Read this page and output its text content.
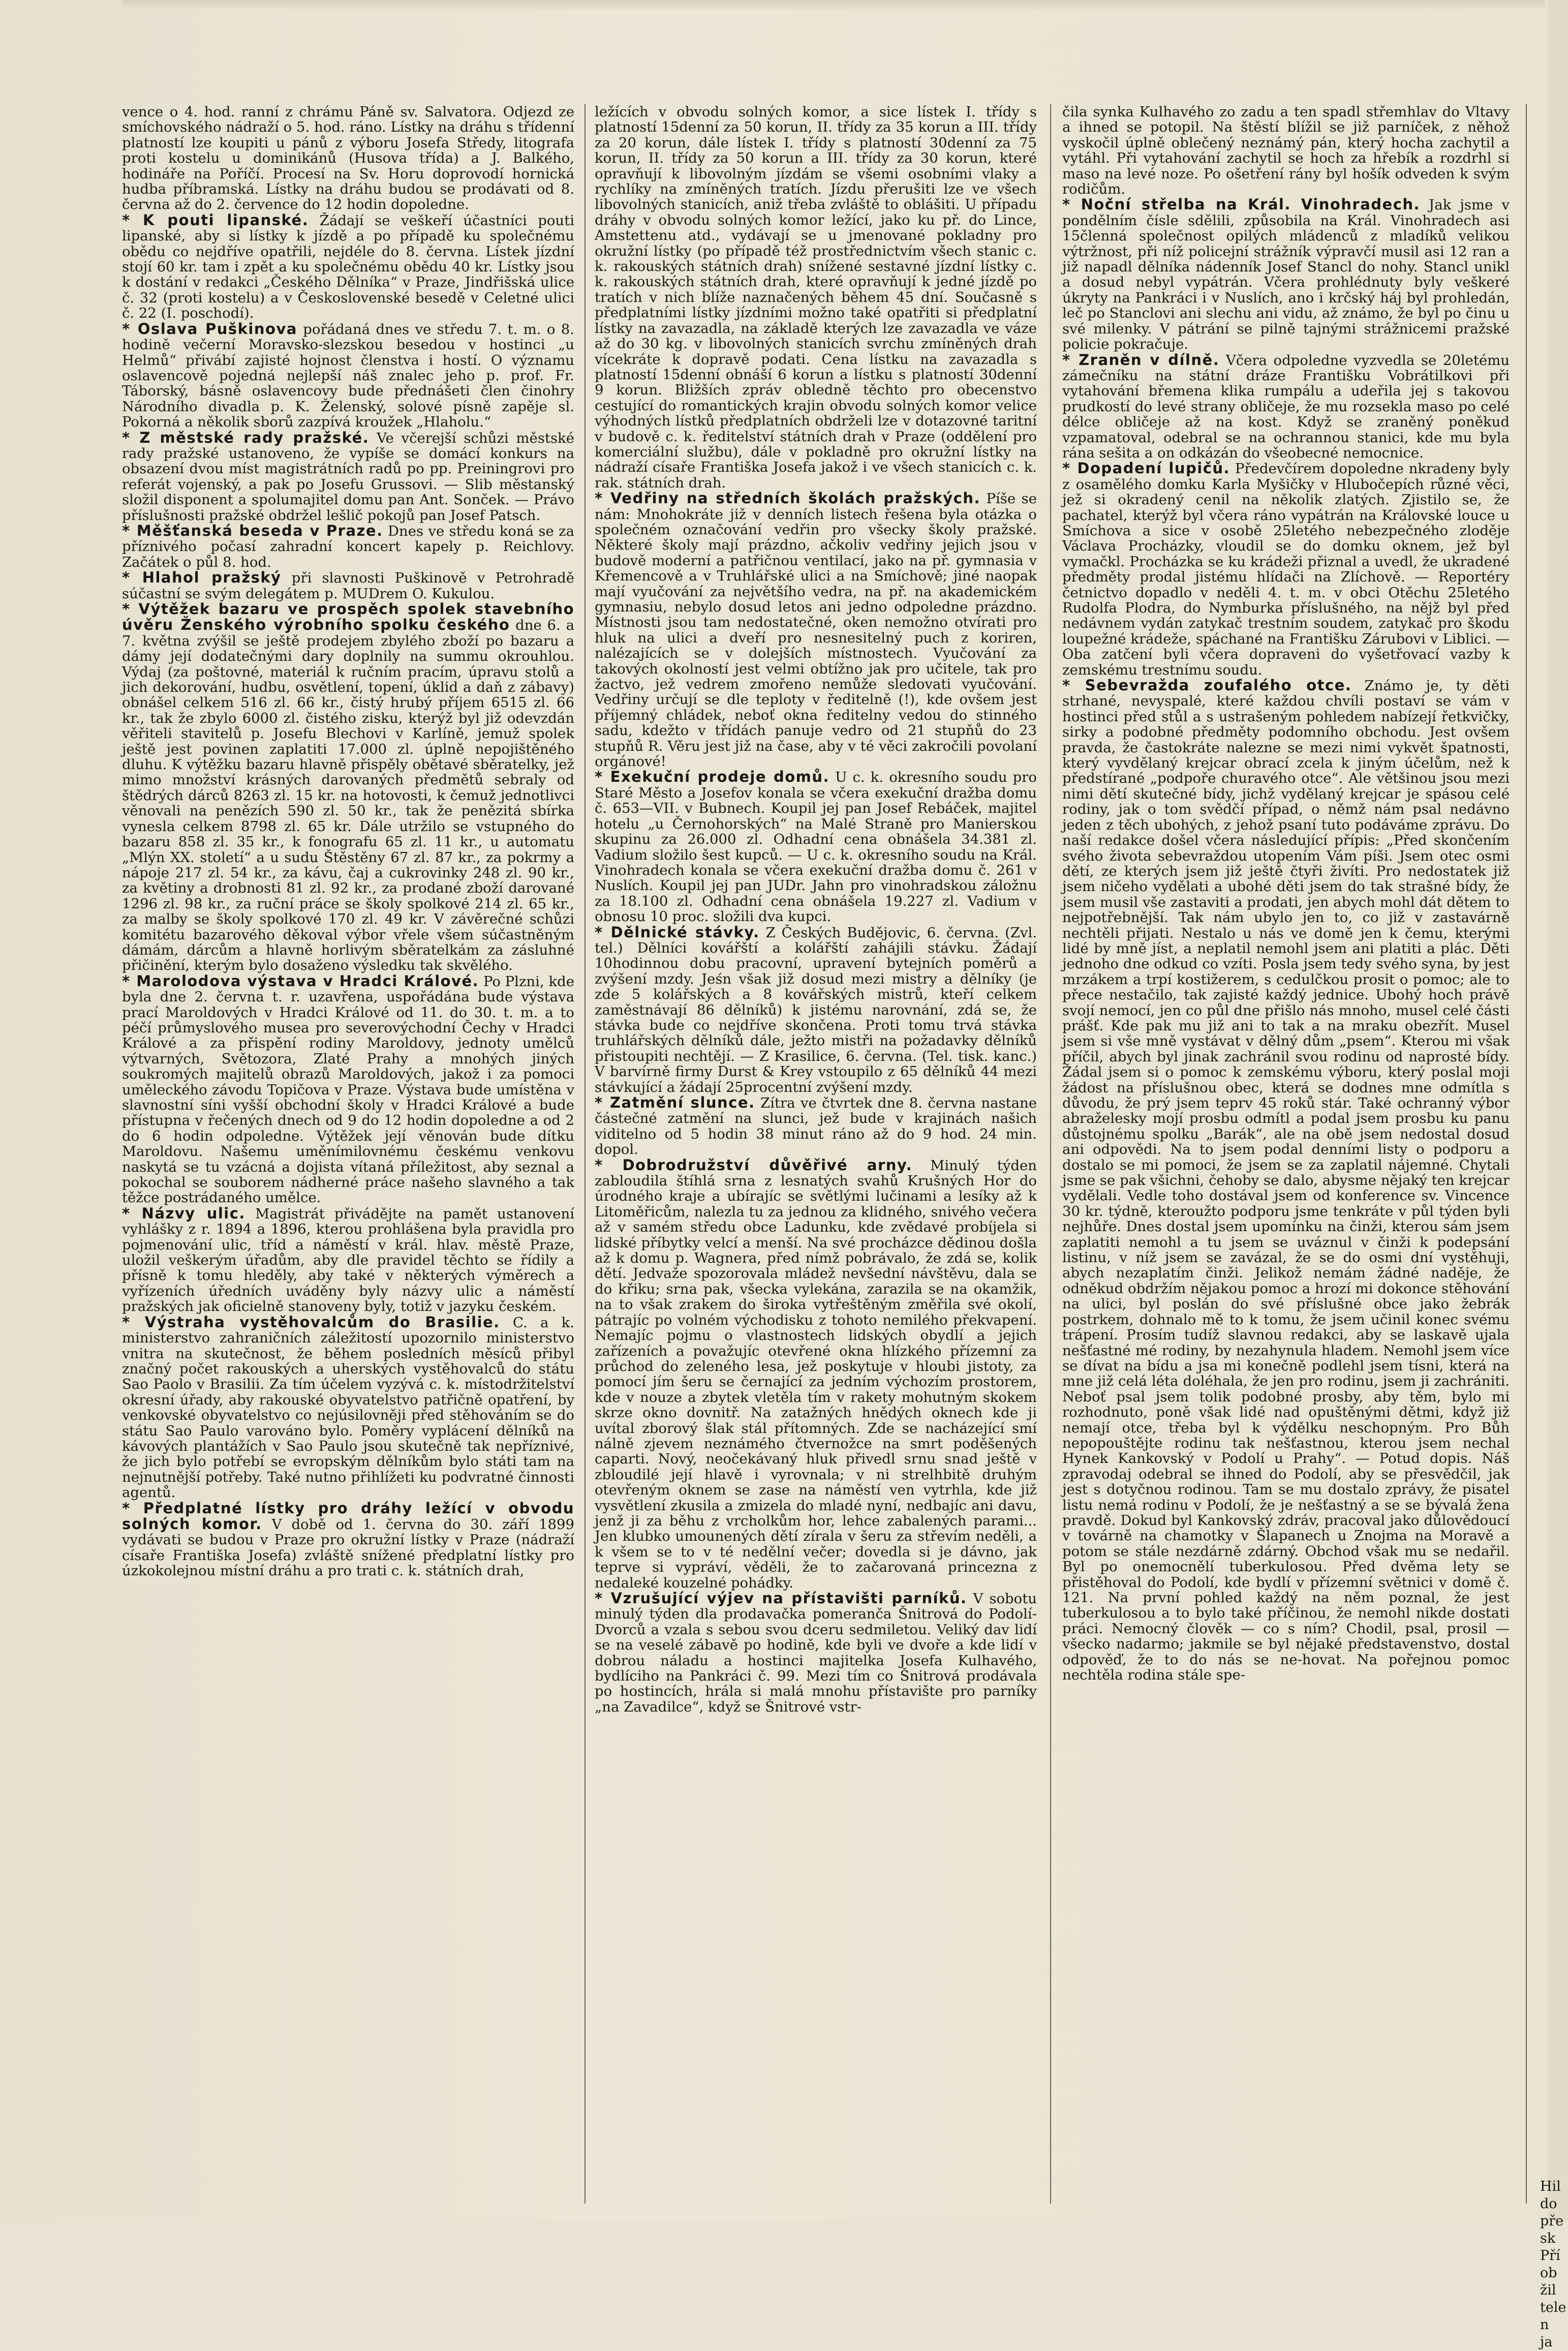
vence o 4. hod. ranní z chrámu Páně sv. Salvatora. Odjezd ze smíchovského nádraží o 5. hod. ráno. Lístky na dráhu s třídenní platností lze koupiti u pánů z výboru Josefa Středy, litografa proti kostelu u dominikánů (Husova třída) a J. Balkého, hodináře na Poříčí. Procesí na Sv. Horu doprovodí hornická hudba příbramská. Lístky na dráhu budou se prodávati od 8. června až do 2. července do 12 hodin dopoledne.

* K pouti lipanské. Žádají se veškeří účastníci pouti lipanské, aby si lístky k jízdě a po případě ku společnému obědu co nejdříve opatřili, nejdéle do 8. června. Lístek jízdní stojí 60 kr. tam i zpět a ku společnému obědu 40 kr. Lístky jsou k dostání v redakci „Českého Dělníka“ v Praze, Jindřišská ulice č. 32 (proti kostelu) a v Československé besedě v Celetné ulici č. 22 (I. poschodí).

* Oslava Puškinova pořádaná dnes ve středu 7. t. m. o 8. hodině večerní Moravsko-slezskou besedou v hostinci „u Helmů“ přivábí zajisté hojnost členstva i hostí. O významu oslavencově pojedná nejlepší náš znalec jeho p. prof. Fr. Táborský, básně oslavencovy bude přednášeti člen činohry Národního divadla p. K. Želenský, solové písně zapěje sl. Pokorná a několik sborů zazpívá kroužek „Hlaholu.“

* Z městské rady pražské. Ve včerejší schůzi městské rady pražské ustanoveno, že vypíše se domácí konkurs na obsazení dvou míst magistrátních radů po pp. Preiningrovi pro referát vojenský, a pak po Josefu Grussovi. — Slib městanský složil disponent a spolumajitel domu pan Ant. Sonček. — Právo příslušnosti pražské obdržel lešlič pokojů pan Josef Patsch.

* Měšťanská beseda v Praze. Dnes ve středu koná se za příznivého počasí zahradní koncert kapely p. Reichlovy. Začátek o půl 8. hod.

* Hlahol pražský při slavnosti Puškinově v Petrohradě súčastní se svým delegátem p. MUDrem O. Kukulou.

* Výtěžek bazaru ve prospěch spolek stavebního úvěru Ženského výrobního spolku českého dne 6. a 7. května zvýšil se ještě prodejem zbylého zboží po bazaru a dámy její dodatečnými dary doplnily na summu okrouhlou. Výdaj (za poštovné, materiál k ručním pracím, úpravu stolů a jich dekorování, hudbu, osvětlení, topení, úklid a daň z zábavy) obnášel celkem 516 zl. 66 kr., čistý hrubý příjem 6515 zl. 66 kr., tak že zbylo 6000 zl. čistého zisku, kterýž byl již odevzdán věřiteli stavitelů p. Josefu Blechovi v Karlíně, jemuž spolek ještě jest povinen zaplatiti 17.000 zl. úplně nepojištěného dluhu. K výtěžku bazaru hlavně přispěly obětavé sběratelky, jež mimo množství krásných darovaných předmětů sebraly od štědrých dárců 8263 zl. 15 kr. na hotovosti, k čemuž jednotlivci věnovali na penězích 590 zl. 50 kr., tak že penězitá sbírka vynesla celkem 8798 zl. 65 kr. Dále utržilo se vstupného do bazaru 858 zl. 35 kr., k fonografu 65 zl. 11 kr., u automatu „Mlýn XX. století“ a u sudu Štěstěny 67 zl. 87 kr., za pokrmy a nápoje 217 zl. 54 kr., za kávu, čaj a cukrovinky 248 zl. 90 kr., za květiny a drobnosti 81 zl. 92 kr., za prodané zboží darované 1296 zl. 98 kr., za ruční práce se školy spolkové 214 zl. 65 kr., za malby se školy spolkové 170 zl. 49 kr. V závěrečné schůzi komitétu bazarového děkoval výbor vřele všem súčastněným dámám, dárcům a hlavně horlivým sběratelkám za zásluhné přičinění, kterým bylo dosaženo výsledku tak skvělého.

* Marolodova výstava v Hradci Králové. Po Plzni, kde byla dne 2. června t. r. uzavřena, uspořádána bude výstava prací Maroldových v Hradci Králové od 11. do 30. t. m. a to péčí průmyslového musea pro severovýchodní Čechy v Hradci Králové a za přispění rodiny Maroldovy, jednoty umělců výtvarných, Světozora, Zlaté Prahy a mnohých jiných soukromých majitelů obrazů Maroldových, jakož i za pomoci uměleckého závodu Topičova v Praze. Výstava bude umístěna v slavnostní síni vyšší obchodní školy v Hradci Králové a bude přístupna v řečených dnech od 9 do 12 hodin dopoledne a od 2 do 6 hodin odpoledne. Výtěžek její věnován bude dítku Maroldovu. Našemu uměnímilovnému českému venkovu naskytá se tu vzácná a dojista vítaná příležitost, aby seznal a pokochal se souborem nádherné práce našeho slavného a tak těžce postrádaného umělce.

* Názvy ulic. Magistrát přivádějte na pamět ustanovení vyhlášky z r. 1894 a 1896, kterou prohlášena byla pravidla pro pojmenování ulic, tříd a náměstí v král. hlav. městě Praze, uložil veškerým úřadům, aby dle pravidel těchto se řídily a přísně k tomu hleděly, aby také v některých výměrech a vyřízeních úředních uváděny byly názvy ulic a náměstí pražských jak oficielně stanoveny byly, totiž v jazyku českém.

* Výstraha vystěhovalcům do Brasilie. C. a k. ministerstvo zahraničních záležitostí upozornilo ministerstvo vnitra na skutečnost, že během posledních měsíců přibyl značný počet rakouských a uherských vystěhovalců do státu Sao Paolo v Brasilii. Za tím účelem vyzývá c. k. místodržitelství okresní úřady, aby rakouské obyvatelstvo patřičně opatření, by venkovské obyvatelstvo co nejúsilovněji před stěhováním se do státu Sao Paulo varováno bylo. Poměry vyplácení dělníků na kávových plantážích v Sao Paulo jsou skutečně tak nepříznivé, že jich bylo potřebí se evropským dělníkům bylo státi tam na nejnutnější potřeby. Také nutno přihlížeti ku podvratné činnosti agentů.

* Předplatné lístky pro dráhy ležící v obvodu solných komor. V době od 1. června do 30. září 1899 vydávati se budou v Praze pro okružní lístky v Praze (nádraží císaře Františka Josefa) zvláště snížené předplatní lístky pro úzkokolejnou místní dráhu a pro trati c. k. státních drah,

ležících v obvodu solných komor, a sice lístek I. třídy s platností 15denní za 50 korun, II. třídy za 35 korun a III. třídy za 20 korun, dále lístek I. třídy s platností 30denní za 75 korun, II. třídy za 50 korun a III. třídy za 30 korun, které opravňují k libovolným jízdám se všemi osobními vlaky a rychlíky na zmíněných tratích. Jízdu přerušiti lze ve všech libovolných stanicích, aniž třeba zvláště to oblášiti. U případu dráhy v obvodu solných komor ležící, jako ku př. do Lince, Amstettenu atd., vydávají se u jmenované pokladny pro okružní lístky (po případě též prostřednictvím všech stanic c. k. rakouských státních drah) snížené sestavné jízdní lístky c. k. rakouských státních drah, které opravňují k jedné jízdě po tratích v nich blíže naznačených během 45 dní. Současně s předplatními lístky jízdními možno také opatřiti si předplatní lístky na zavazadla, na základě kterých lze zavazadla ve váze až do 30 kg. v libovolných stanicích svrchu zmíněných drah vícekráte k dopravě podati. Cena lístku na zavazadla s platností 15denní obnáší 6 korun a lístku s platností 30denní 9 korun. Bližších zpráv obledně těchto pro obecenstvo cestující do romantických krajin obvodu solných komor velice výhodných lístků předplatních obdrželi lze v dotazovné taritní v budově c. k. ředitelství státních drah v Praze (oddělení pro komerciální službu), dále v pokladně pro okružní lístky na nádraží císaře Františka Josefa jakož i ve všech stanicích c. k. rak. státních drah.

* Vedřiny na středních školách pražských. Píše se nám: Mnohokráte již v denních listech řešena byla otázka o společném označování vedřin pro všecky školy pražské. Některé školy mají prázdno, ačkoliv vedřiny jejich jsou v budově moderní a patřičnou ventilací, jako na př. gymnasia v Křemencově a v Truhlářské ulici a na Smíchově; jiné naopak mají vyučování za největšího vedra, na př. na akademickém gymnasiu, nebylo dosud letos ani jedno odpoledne prázdno. Místnosti jsou tam nedostatečné, oken nemožno otvírati pro hluk na ulici a dveří pro nesnesitelný puch z koriren, nalézajících se v dolejších místnostech. Vyučování za takových okolností jest velmi obtížno jak pro učitele, tak pro žactvo, jež vedrem zmořeno nemůže sledovati vyučování. Vedřiny určují se dle teploty v ředitelně (!), kde ovšem jest příjemný chládek, neboť okna ředitelny vedou do stinného sadu, kdežto v třídách panuje vedro od 21 stupňů do 23 stupňů R. Věru jest již na čase, aby v té věci zakročili povolaní orgánové!

* Exekuční prodeje domů. U c. k. okresního soudu pro Staré Město a Josefov konala se včera exekuční dražba domu č. 653—VII. v Bubnech. Koupil jej pan Josef Rebáček, majitel hotelu „u Černohorských“ na Malé Straně pro Manierskou skupinu za 26.000 zl. Odhadní cena obnášela 34.381 zl. Vadium složilo šest kupců. — U c. k. okresního soudu na Král. Vinohradech konala se včera exekuční dražba domu č. 261 v Nuslích. Koupil jej pan JUDr. Jahn pro vinohradskou záložnu za 18.100 zl. Odhadní cena obnášela 19.227 zl. Vadium v obnosu 10 proc. složili dva kupci.

* Dělnické stávky. Z Českých Budějovic, 6. června. (Zvl. tel.) Dělníci kovářští a kolářští zahájili stávku. Žádají 10hodinnou dobu pracovní, upravení bytejních poměrů a zvýšení mzdy. Jeśn však již dosud mezi mistry a dělníky (je zde 5 kolářských a 8 kovářských mistrů, kteří celkem zaměstnávají 86 dělníků) k jistému narovnání, zdá se, že stávka bude co nejdříve skončena. Proti tomu trvá stávka truhlářských dělníků dále, ježto mistři na požadavky dělníků přistoupiti nechtějí. — Z Krasilice, 6. června. (Tel. tisk. kanc.) V barvírně firmy Durst & Krey vstoupilo z 65 dělníků 44 mezi stávkující a žádají 25procentní zvýšení mzdy.

* Zatmění slunce. Zítra ve čtvrtek dne 8. června nastane částečné zatmění na slunci, jež bude v krajinách našich viditelno od 5 hodin 38 minut ráno až do 9 hod. 24 min. dopol.

* Dobrodružství důvěřivé arny. Minulý týden zabloudila štíhlá srna z lesnatých svahů Krušných Hor do úrodného kraje a ubírajíc se světlými lučinami a lesíky až k Litoměřicům, nalezla tu za jednou za klidného, snivého večera až v samém středu obce Ladunku, kde zvědavé probíjela si lidské příbytky velcí a menší. Na své procházce dědinou došla až k domu p. Wagnera, před nímž pobrávalo, že zdá se, kolik dětí. Jedvaže spozorovala mládež nevšední návštěvu, dala se do křiku; srna pak, všecka vylekána, zarazila se na okamžik, na to však zrakem do široka vytřeštěným změřila své okolí, pátrajíc po volném východisku z tohoto nemilého překvapení. Nemajíc pojmu o vlastnostech lidských obydlí a jejich zařízeních a považujíc otevřené okna hlízkého přízemní za průchod do zeleného lesa, jež poskytuje v hloubi jistoty, za pomocí jím šeru se černající za jedním výchozím prostorem, kde v nouze a zbytek vletěla tím v rakety mohutným skokem skrze okno dovnitř. Na zatažných hnědých oknech kde ji uvítal zborový šlak stál přítomných. Zde se nacházející smí nálně zjevem neznámého čtvernožce na smrt poděšených caparti. Nový, neočekávaný hluk přivedl srnu snad ještě v zbloudilé její hlavě i vyrovnala; v ni strelhbitě druhým otevřeným oknem se zase na náměstí ven vytrhla, kde již vysvětlení zkusila a zmizela do mladé nyní, nedbajíc ani davu, jenž ji za běhu z vrcholkům hor, lehce zabalených parami... Jen klubko umounených dětí zírala v šeru za střevím neděli, a k všem se to v té nedělní večer; dovedla si je dávno, jak teprve si vypráví, věděli, že to začarovaná princezna z nedaleké kouzelné pohádky.

* Vzrušující výjev na přístavišti parníků. V sobotu minulý týden dla prodavačka pomeranča Šnitrová do Podolí-Dvorců a vzala s sebou svou dceru sedmiletou. Veliký dav lidí se na veselé zábavě po hodině, kde byli ve dvoře a kde lidí v dobrou náladu a hostinci majitelka Josefa Kulhavého, bydlíciho na Pankráci č. 99. Mezi tím co Šnitrová prodávala po hostincích, hrála si malá mnohu přístavište pro parníky „na Zavadilce“, když se Šnitrové vstr-

čila synka Kulhavého zo zadu a ten spadl střemhlav do Vltavy a ihned se potopil. Na štěstí blížil se již parníček, z něhož vyskočil úplně oblečený neznámý pán, který hocha zachytil a vytáhl. Při vytahování zachytil se hoch za hřebík a rozdrhl si maso na levé noze. Po ošetření rány byl hošík odveden k svým rodičům.

* Noční střelba na Král. Vinohradech. Jak jsme v pondělním čísle sdělili, způsobila na Král. Vinohradech asi 15členná společnost opilých mládenců z mladíků velikou výtržnost, při níž policejní strážník výpravčí musil asi 12 ran a již napadl dělníka nádenník Josef Stancl do nohy. Stancl unikl a dosud nebyl vypátrán. Včera prohlédnuty byly veškeré úkryty na Pankráci i v Nuslích, ano i krčský háj byl prohledán, leč po Stanclovi ani slechu ani vidu, až známo, že byl po činu u své milenky. V pátrání se pilně tajnými strážnicemi pražské policie pokračuje.

* Zraněn v dílně. Včera odpoledne vyzvedla se 20letému zámečníku na státní dráze Františku Vobrátilkovi při vytahování břemena klika rumpálu a udeřila jej s takovou prudkostí do levé strany obličeje, že mu rozsekla maso po celé délce obličeje až na kost. Když se zraněný poněkud vzpamatoval, odebral se na ochrannou stanici, kde mu byla rána sešita a on odkázán do všeobecné nemocnice.

* Dopadení lupičů. Předevčírem dopoledne nkradeny byly z osamělého domku Karla Myšičky v Hlubočepích různé věci, jež si okradený cenil na několik zlatých. Zjistilo se, že pachatel, kterýž byl včera ráno vypátrán na Královské louce u Smíchova a sice v osobě 25letého nebezpečného zloděje Václava Procházky, vloudil se do domku oknem, jež byl vymačkl. Procházka se ku krádeži přiznal a uvedl, že ukradené předměty prodal jistému hlídači na Zlíchově. — Reportéry četnictvo dopadlo v neděli 4. t. m. v obci Otěchu 25letého Rudolfa Plodra, do Nymburka příslušného, na nějž byl před nedávnem vydán zatykač trestním soudem, zatykač pro škodu loupežné krádeže, spáchané na Františku Zárubovi v Liblici. — Oba zatčení byli včera dopraveni do vyšetřovací vazby k zemskému trestnímu soudu.

* Sebevražda zoufalého otce. Známo je, ty děti strhané, nevyspalé, které každou chvíli postaví se vám v hostinci před stůl a s ustrašeným pohledem nabízejí řetkvičky, sirky a podobné předměty podomního obchodu. Jest ovšem pravda, že častokráte nalezne se mezi nimi vykvět špatnosti, který vyvdělaný krejcar obrací zcela k jiným účelům, než k předstírané „podpoře churavého otce“. Ale většinou jsou mezi nimi dětí skutečné bídy, jichž vydělaný krejcar je spásou celé rodiny, jak o tom svědčí případ, o němž nám psal nedávno jeden z těch ubohých, z jehož psaní tuto podáváme zprávu. Do naší redakce došel včera následující přípis: „Před skončením svého života sebevraždou utopením Vám píši. Jsem otec osmi dětí, ze kterých jsem již ještě čtyři živíti. Pro nedostatek již jsem ničeho vydělati a ubohé děti jsem do tak strašné bídy, že jsem musil vše zastaviti a prodati, jen abych mohl dát dětem to nejpotřebnější. Tak nám ubylo jen to, co již v zastavárně nechtěli přijati. Nestalo u nás ve domě jen k čemu, kterými lidé by mně jíst, a neplatil nemohl jsem ani platiti a plác. Děti jednoho dne odkud co vzíti. Posla jsem tedy svého syna, by jest mrzákem a trpí kostižerem, s cedulčkou prosit o pomoc; ale to přece nestačilo, tak zajisté každý jednice. Ubohý hoch právě svojí nemocí, jen co půl dne přišlo nás mnoho, musel celé části prášť. Kde pak mu již ani to tak a na mraku obezřít. Musel jsem si vše mně vystávat v dělný dům „psem“. Kterou mi však příčil, abych byl jinak zachránil svou rodinu od naprosté bídy. Žádal jsem si o pomoc k zemskému výboru, který poslal moji žádost na příslušnou obec, která se dodnes mne odmítla s důvodu, že prý jsem teprv 45 roků stár. Také ochranný výbor abraželesky mojí prosbu odmítl a podal jsem prosbu ku panu důstojnému spolku „Barák“, ale na obě jsem nedostal dosud ani odpovědi. Na to jsem podal denními listy o podporu a dostalo se mi pomoci, že jsem se za zaplatil nájemné. Chytali jsme se pak všichni, čehoby se dalo, abysme nějaký ten krejcar vydělali. Vedle toho dostával jsem od konference sv. Vincence 30 kr. týdně, kteroužto podporu jsme tenkráte v půl týden byli nejhůře. Dnes dostal jsem upomínku na činži, kterou sám jsem zaplatiti nemohl a tu jsem se uváznul v činži k podepsání listinu, v níž jsem se zavázal, že se do osmi dní vystěhuji, abych nezaplatím činži. Jelikož nemám žádné naděje, že odněkud obdržím nějakou pomoc a hrozí mi dokonce stěhování na ulici, byl poslán do své příslušné obce jako žebrák postrkem, dohnalo mě to k tomu, že jsem učinil konec svému trápení. Prosím tudíž slavnou redakci, aby se laskavě ujala nešťastné mé rodiny, by nezahynula hladem. Nemohl jsem více se dívat na bídu a jsa mi konečně podlehl jsem tísni, která na mne již celá léta doléhala, že jen pro rodinu, jsem ji zachrániti. Neboť psal jsem tolik podobné prosby, aby těm, bylo mi rozhodnuto, poně však lidé nad opuštěnými dětmi, když již nemají otce, třeba byl k výdělku neschopným. Pro Bůh nepopouštějte rodinu tak nešťastnou, kterou jsem nechal Hynek Kankovský v Podolí u Prahy“. — Potud dopis. Náš zpravodaj odebral se ihned do Podolí, aby se přesvědčil, jak jest s dotyčnou rodinou. Tam se mu dostalo zprávy, že pisatel listu nemá rodinu v Podolí, že je nešťastný a se se bývalá žena pravdě. Dokud byl Kankovský zdráv, pracoval jako důlovědoucí v továrně na chamotky v Šlapanech u Znojma na Moravě a potom se stále nezdárně zdárný. Obchod však mu se nedařil. Byl po onemocnělí tuberkulosou. Před dvěma lety se přistěhoval do Podolí, kde bydlí v přízemní světnici v domě č. 121. Na první pohled každý na něm poznal, že jest tuberkulosou a to bylo také příčinou, že nemohl nikde dostati práci. Nemocný člověk — co s ním? Chodil, psal, prosil — všecko nadarmo; jakmile se byl nějaké představenstvo, dostal odpověď, že to do nás se ne-hovat. Na pořejnou pomoc nechtěla rodina stále spe-

Hil
do
pře
sk
Pří
ob
žil
tele
n
ja
